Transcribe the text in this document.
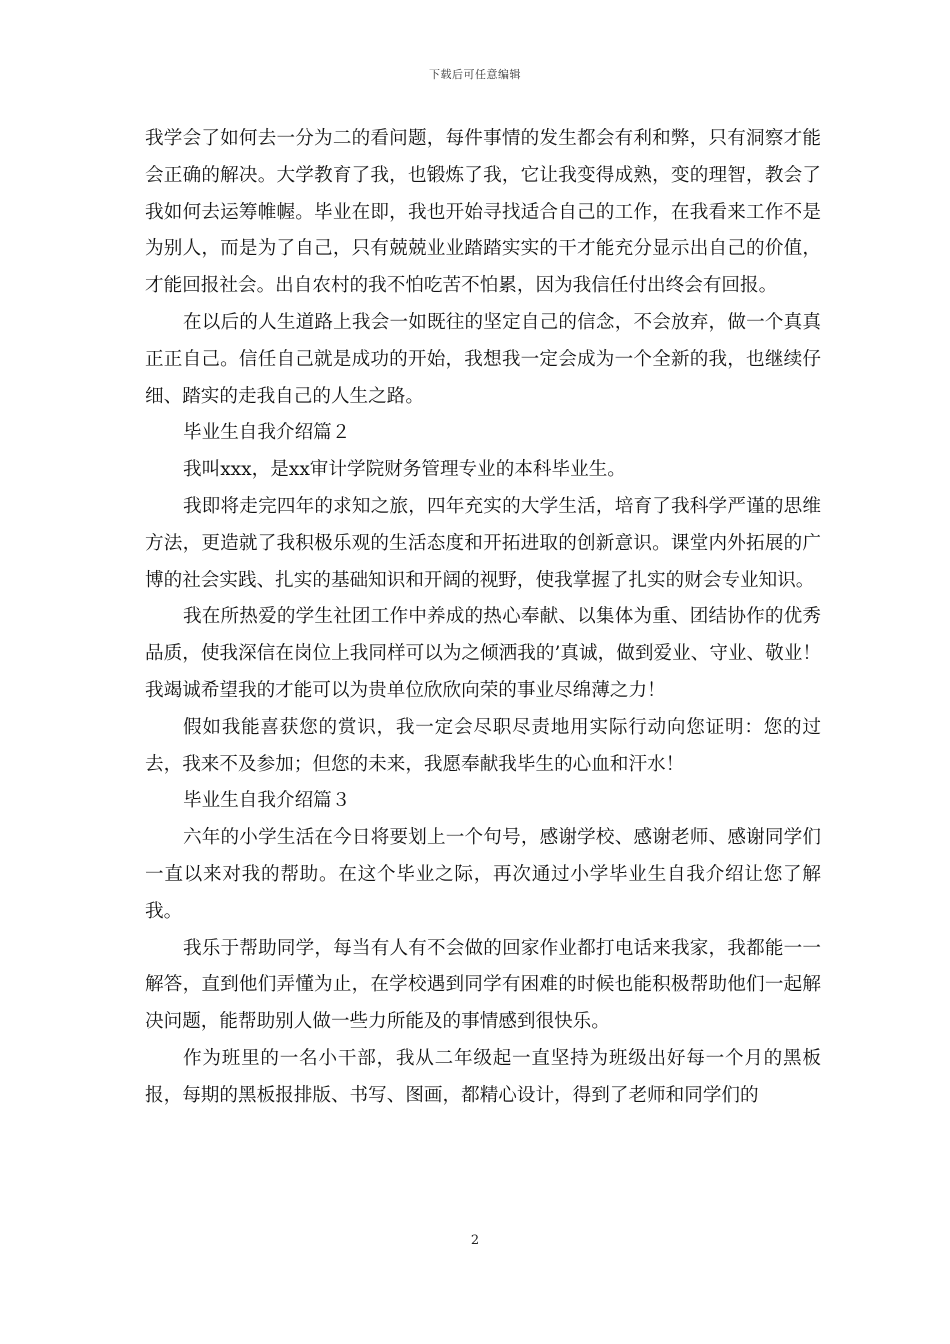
下载后可任意编辑

我学会了如何去一分为二的看问题，每件事情的发生都会有利和弊，只有洞察才能会正确的解决。大学教育了我，也锻炼了我，它让我变得成熟，变的理智，教会了我如何去运筹帷幄。毕业在即，我也开始寻找适合自己的工作，在我看来工作不是为别人，而是为了自己，只有兢兢业业踏踏实实的干才能充分显示出自己的价值，才能回报社会。出自农村的我不怕吃苦不怕累，因为我信任付出终会有回报。

在以后的人生道路上我会一如既往的坚定自己的信念，不会放弃，做一个真真正正自己。信任自己就是成功的开始，我想我一定会成为一个全新的我，也继续仔细、踏实的走我自己的人生之路。

毕业生自我介绍篇２

我叫xxx，是xx审计学院财务管理专业的本科毕业生。

我即将走完四年的求知之旅，四年充实的大学生活，培育了我科学严谨的思维方法，更造就了我积极乐观的生活态度和开拓进取的创新意识。课堂内外拓展的广博的社会实践、扎实的基础知识和开阔的视野，使我掌握了扎实的财会专业知识。

我在所热爱的学生社团工作中养成的热心奉献、以集体为重、团结协作的优秀品质，使我深信在岗位上我同样可以为之倾洒我的’真诚，做到爱业、守业、敬业！我竭诚希望我的才能可以为贵单位欣欣向荣的事业尽绵薄之力！

假如我能喜获您的赏识，我一定会尽职尽责地用实际行动向您证明：您的过去，我来不及参加；但您的未来，我愿奉献我毕生的心血和汗水！

毕业生自我介绍篇３

六年的小学生活在今日将要划上一个句号，感谢学校、感谢老师、感谢同学们一直以来对我的帮助。在这个毕业之际，再次通过小学毕业生自我介绍让您了解我。

我乐于帮助同学，每当有人有不会做的回家作业都打电话来我家，我都能一一解答，直到他们弄懂为止，在学校遇到同学有困难的时候也能积极帮助他们一起解决问题，能帮助别人做一些力所能及的事情感到很快乐。

作为班里的一名小干部，我从二年级起一直坚持为班级出好每一个月的黑板报，每期的黑板报排版、书写、图画，都精心设计，得到了老师和同学们的

2
